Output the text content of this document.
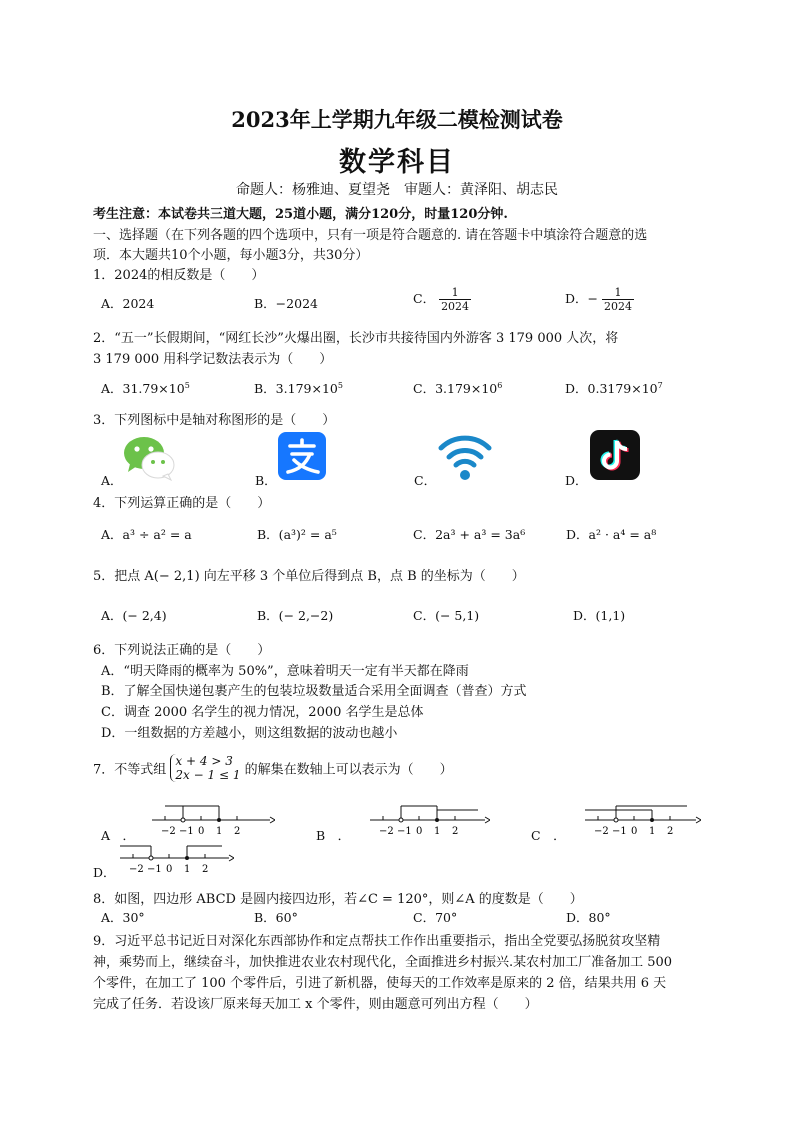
2023年上学期九年级二模检测试卷
数学科目
命题人：杨雅迪、夏望尧　审题人：黄泽阳、胡志民
考生注意：本试卷共三道大题，25道小题，满分120分，时量120分钟.
一、选择题（在下列各题的四个选项中，只有一项是符合题意的. 请在答题卡中填涂符合题意的选
项．本大题共10个小题，每小题3分，共30分）
1．2024的相反数是（　　）
A．2024	B．−2024	C． $\frac{1}{2024}$	D．− $\frac{1}{2024}$
2．“五一”长假期间，“网红长沙”火爆出圈，长沙市共接待国内外游客 3 179 000 人次，将
3 179 000 用科学记数法表示为（　　）
A．$31.79\times 10^5$	B．$3.179\times 10^5$	C．$3.179\times 10^6$	D．$0.3179\times 10^7$
3．下列图标中是轴对称图形的是（　　）
A．	B．	C．	D．
4．下列运算正确的是（　　）
A．a³ ÷ a² = a	B．(a³)² = a⁵	C．2a³ + a³ = 3a⁶	D．a² · a⁴ = a⁸
5．把点 A(− 2,1) 向左平移 3 个单位后得到点 B，点 B 的坐标为（　　）
A．(− 2,4)	B．(− 2,−2)	C．(− 5,1)	D．(1,1)
6．下列说法正确的是（　　）
A．“明天降雨的概率为 50%”，意味着明天一定有半天都在降雨
B．了解全国快递包裹产生的包装垃圾数量适合采用全面调查（普查）方式
C．调查 2000 名学生的视力情况，2000 名学生是总体
D．一组数据的方差越小，则这组数据的波动也越小
7．不等式组
x + 4 > 3
2x − 1 ≤ 1 的解集在数轴上可以表示为（　　）
A　．	B　．	C　．
D．
−2 −1 0 1 2	−2 −1 0 1 2	−2 −1 0 1 2
−2 −1 0 1 2
8．如图，四边形 ABCD 是圆内接四边形，若∠C = 120°，则∠A 的度数是（　　）
A．30°	B．60°	C．70°	D．80°
9．习近平总书记近日对深化东西部协作和定点帮扶工作作出重要指示，指出全党要弘扬脱贫攻坚精
神，乘势而上，继续奋斗，加快推进农业农村现代化，全面推进乡村振兴.某农村加工厂准备加工 500
个零件，在加工了 100 个零件后，引进了新机器，使每天的工作效率是原来的 2 倍，结果共用 6 天
完成了任务．若设该厂原来每天加工 x 个零件，则由题意可列出方程（　　）
